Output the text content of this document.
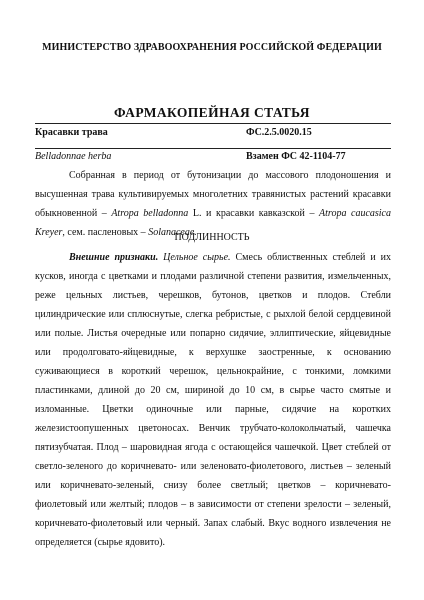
МИНИСТЕРСТВО ЗДРАВООХРАНЕНИЯ РОССИЙСКОЙ ФЕДЕРАЦИИ
ФАРМАКОПЕЙНАЯ СТАТЬЯ
Красавки трава	ФС.2.5.0020.15
Belladonnae herba	Взамен ФС 42-1104-77

Собранная в период от бутонизации до массового плодоношения и высушенная трава культивируемых многолетних травянистых растений красавки обыкновенной – Atropa belladonna L. и красавки кавказской – Atropa caucasica Kreyer, сем. пасленовых – Solanaceae.

ПОДЛИННОСТЬ

Внешние признаки. Цельное сырье. Смесь облиственных стеблей и их кусков, иногда с цветками и плодами различной степени развития, измельченных, реже цельных листьев, черешков, бутонов, цветков и плодов. Стебли цилиндрические или сплюснутые, слегка ребристые, с рыхлой белой сердцевиной или полые. Листья очередные или попарно сидячие, эллиптические, яйцевидные или продолговато-яйцевидные, к верхушке заостренные, к основанию суживающиеся в короткий черешок, цельнокрайние, с тонкими, ломкими пластинками, длиной до 20 см, шириной до 10 см, в сырье часто смятые и изломанные. Цветки одиночные или парные, сидячие на коротких железистоопушенных цветоносах. Венчик трубчато-колокольчатый, чашечка пятизубчатая. Плод – шаровидная ягода с остающейся чашечкой. Цвет стеблей от светло-зеленого до коричневато- или зеленовато-фиолетового, листьев – зеленый или коричневато-зеленый, снизу более светлый; цветков – коричневато-фиолетовый или желтый; плодов – в зависимости от степени зрелости – зеленый, коричневато-фиолетовый или черный. Запах слабый. Вкус водного извлечения не определяется (сырье ядовито).
